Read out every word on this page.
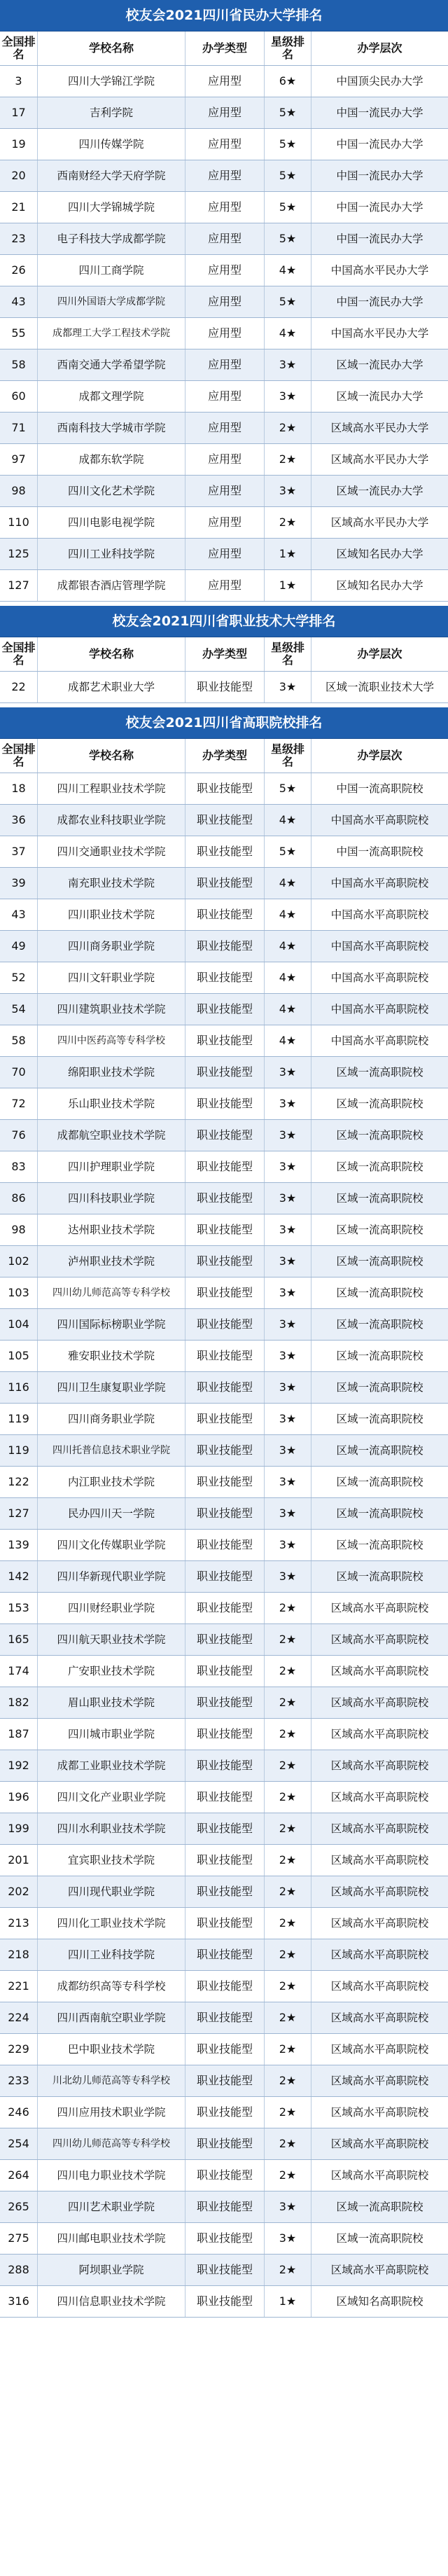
校友会2021四川省民办大学排名
全国排名	学校名称	办学类型	星级排名	办学层次
3	四川大学锦江学院	应用型	6★	中国顶尖民办大学
17	吉利学院	应用型	5★	中国一流民办大学
19	四川传媒学院	应用型	5★	中国一流民办大学
20	西南财经大学天府学院	应用型	5★	中国一流民办大学
21	四川大学锦城学院	应用型	5★	中国一流民办大学
23	电子科技大学成都学院	应用型	5★	中国一流民办大学
26	四川工商学院	应用型	4★	中国高水平民办大学
43	四川外国语大学成都学院	应用型	5★	中国一流民办大学
55	成都理工大学工程技术学院	应用型	4★	中国高水平民办大学
58	西南交通大学希望学院	应用型	3★	区域一流民办大学
60	成都文理学院	应用型	3★	区域一流民办大学
71	西南科技大学城市学院	应用型	2★	区域高水平民办大学
97	成都东软学院	应用型	2★	区域高水平民办大学
98	四川文化艺术学院	应用型	3★	区域一流民办大学
110	四川电影电视学院	应用型	2★	区域高水平民办大学
125	四川工业科技学院	应用型	1★	区域知名民办大学
127	成都银杏酒店管理学院	应用型	1★	区域知名民办大学
校友会2021四川省职业技术大学排名
全国排名	学校名称	办学类型	星级排名	办学层次
22	成都艺术职业大学	职业技能型	3★	区域一流职业技术大学
校友会2021四川省高职院校排名
全国排名	学校名称	办学类型	星级排名	办学层次
18	四川工程职业技术学院	职业技能型	5★	中国一流高职院校
36	成都农业科技职业学院	职业技能型	4★	中国高水平高职院校
37	四川交通职业技术学院	职业技能型	5★	中国一流高职院校
39	南充职业技术学院	职业技能型	4★	中国高水平高职院校
43	四川职业技术学院	职业技能型	4★	中国高水平高职院校
49	四川商务职业学院	职业技能型	4★	中国高水平高职院校
52	四川文轩职业学院	职业技能型	4★	中国高水平高职院校
54	四川建筑职业技术学院	职业技能型	4★	中国高水平高职院校
58	四川中医药高等专科学校	职业技能型	4★	中国高水平高职院校
70	绵阳职业技术学院	职业技能型	3★	区域一流高职院校
72	乐山职业技术学院	职业技能型	3★	区域一流高职院校
76	成都航空职业技术学院	职业技能型	3★	区域一流高职院校
83	四川护理职业学院	职业技能型	3★	区域一流高职院校
86	四川科技职业学院	职业技能型	3★	区域一流高职院校
98	达州职业技术学院	职业技能型	3★	区域一流高职院校
102	泸州职业技术学院	职业技能型	3★	区域一流高职院校
103	四川幼儿师范高等专科学校	职业技能型	3★	区域一流高职院校
104	四川国际标榜职业学院	职业技能型	3★	区域一流高职院校
105	雅安职业技术学院	职业技能型	3★	区域一流高职院校
116	四川卫生康复职业学院	职业技能型	3★	区域一流高职院校
119	四川商务职业学院	职业技能型	3★	区域一流高职院校
119	四川托普信息技术职业学院	职业技能型	3★	区域一流高职院校
122	内江职业技术学院	职业技能型	3★	区域一流高职院校
127	民办四川天一学院	职业技能型	3★	区域一流高职院校
139	四川文化传媒职业学院	职业技能型	3★	区域一流高职院校
142	四川华新现代职业学院	职业技能型	3★	区域一流高职院校
153	四川财经职业学院	职业技能型	2★	区域高水平高职院校
165	四川航天职业技术学院	职业技能型	2★	区域高水平高职院校
174	广安职业技术学院	职业技能型	2★	区域高水平高职院校
182	眉山职业技术学院	职业技能型	2★	区域高水平高职院校
187	四川城市职业学院	职业技能型	2★	区域高水平高职院校
192	成都工业职业技术学院	职业技能型	2★	区域高水平高职院校
196	四川文化产业职业学院	职业技能型	2★	区域高水平高职院校
199	四川水利职业技术学院	职业技能型	2★	区域高水平高职院校
201	宜宾职业技术学院	职业技能型	2★	区域高水平高职院校
202	四川现代职业学院	职业技能型	2★	区域高水平高职院校
213	四川化工职业技术学院	职业技能型	2★	区域高水平高职院校
218	四川工业科技学院	职业技能型	2★	区域高水平高职院校
221	成都纺织高等专科学校	职业技能型	2★	区域高水平高职院校
224	四川西南航空职业学院	职业技能型	2★	区域高水平高职院校
229	巴中职业技术学院	职业技能型	2★	区域高水平高职院校
233	川北幼儿师范高等专科学校	职业技能型	2★	区域高水平高职院校
246	四川应用技术职业学院	职业技能型	2★	区域高水平高职院校
254	四川幼儿师范高等专科学校	职业技能型	2★	区域高水平高职院校
264	四川电力职业技术学院	职业技能型	2★	区域高水平高职院校
265	四川艺术职业学院	职业技能型	3★	区域一流高职院校
275	四川邮电职业技术学院	职业技能型	3★	区域一流高职院校
288	阿坝职业学院	职业技能型	2★	区域高水平高职院校
316	四川信息职业技术学院	职业技能型	1★	区域知名高职院校
